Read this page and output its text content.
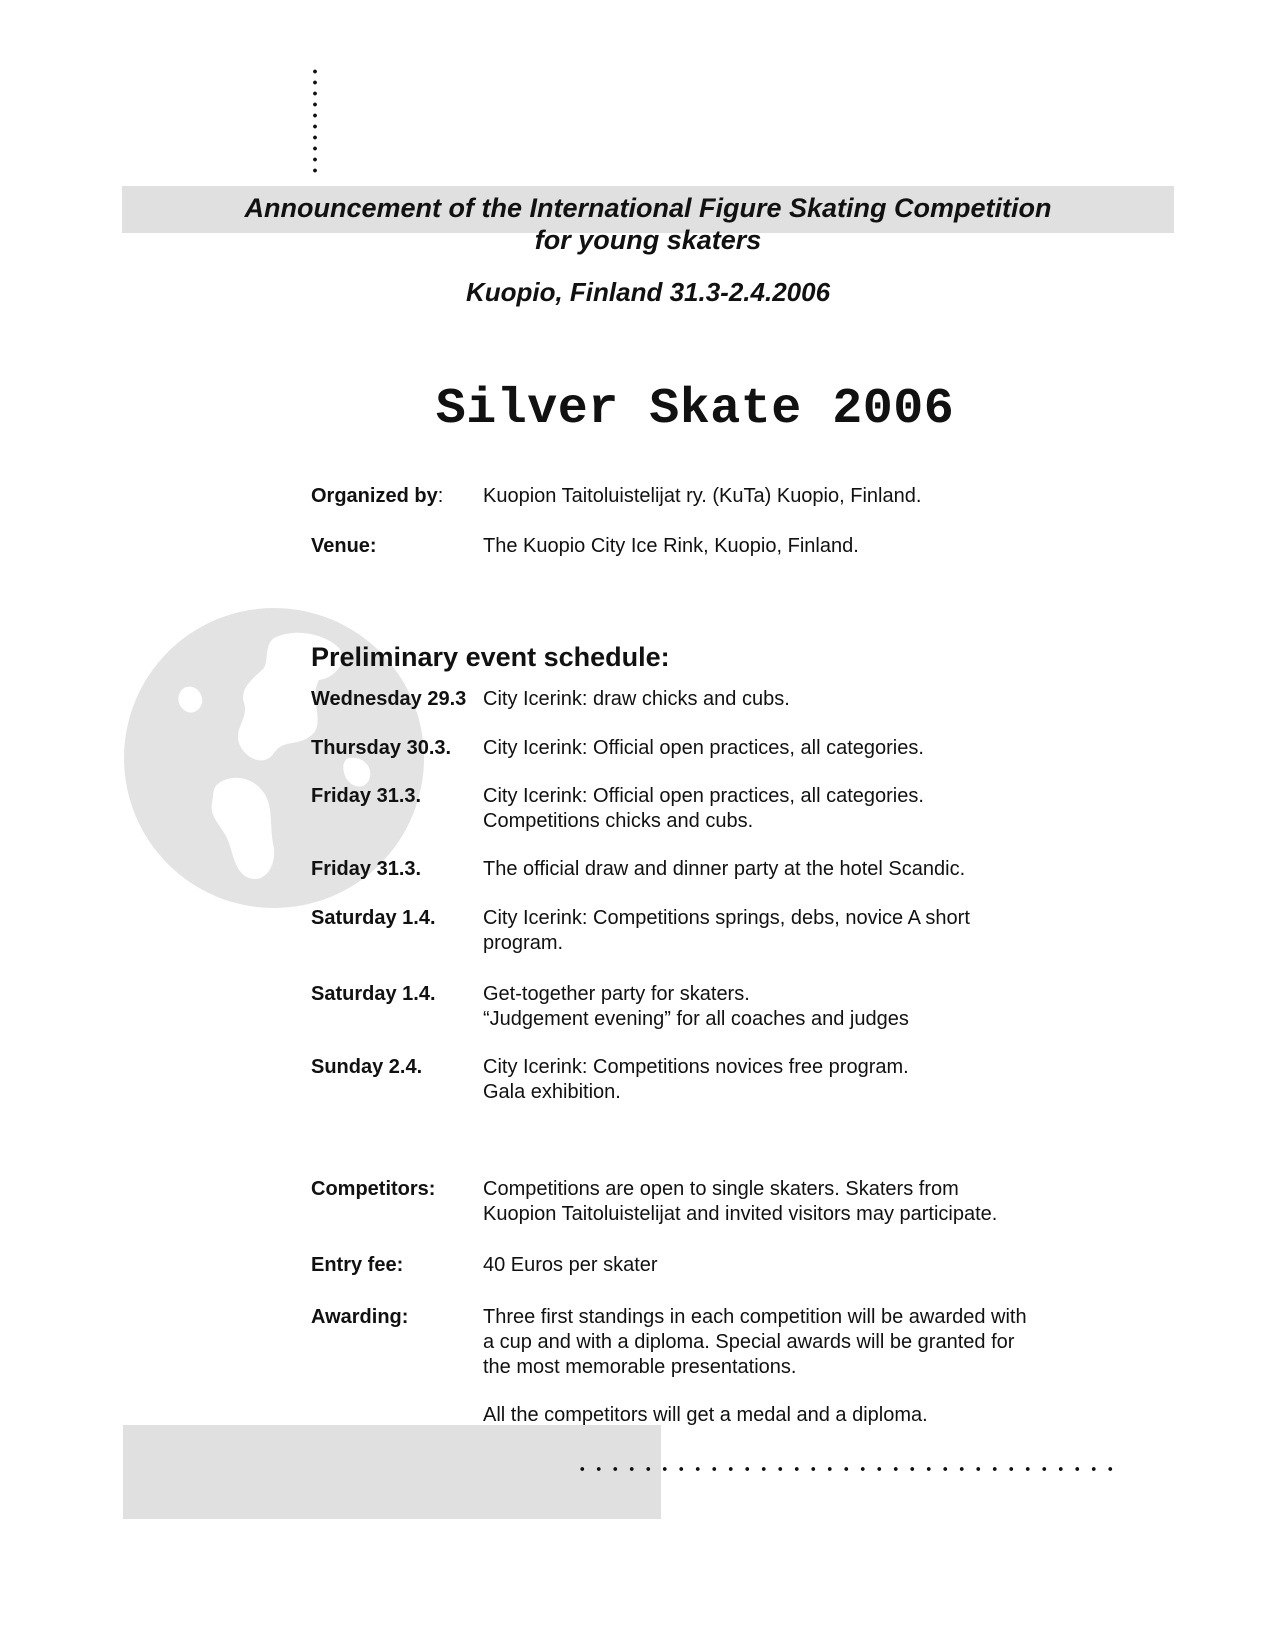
Announcement of the International Figure Skating Competition

for young skaters

Kuopio, Finland 31.3-2.4.2006

Silver Skate 2006
Organized by: Kuopion Taitoluistelijat ry. (KuTa) Kuopio, Finland.
Venue:	The Kuopio City Ice Rink, Kuopio, Finland.
Preliminary event schedule:
Wednesday 29.3 City Icerink: draw chicks and cubs.
Thursday 30.3. City Icerink: Official open practices, all categories.
Friday 31.3.	City Icerink: Official open practices, all categories.
Competitions chicks and cubs.
Friday 31.3.	The official draw and dinner party at the hotel Scandic.
Saturday 1.4. City Icerink: Competitions springs, debs, novice A short
program.
Saturday 1.4. Get-together party for skaters.
“Judgement evening” for all coaches and judges
Sunday 2.4.	City Icerink: Competitions novices free program.
Gala exhibition.
Competitors: Competitions are open to single skaters. Skaters from
Kuopion Taitoluistelijat and invited visitors may participate.
Entry fee:	40 Euros per skater
Awarding:	Three first standings in each competition will be awarded with
a cup and with a diploma. Special awards will be granted for
the most memorable presentations.
All the competitors will get a medal and a diploma.
